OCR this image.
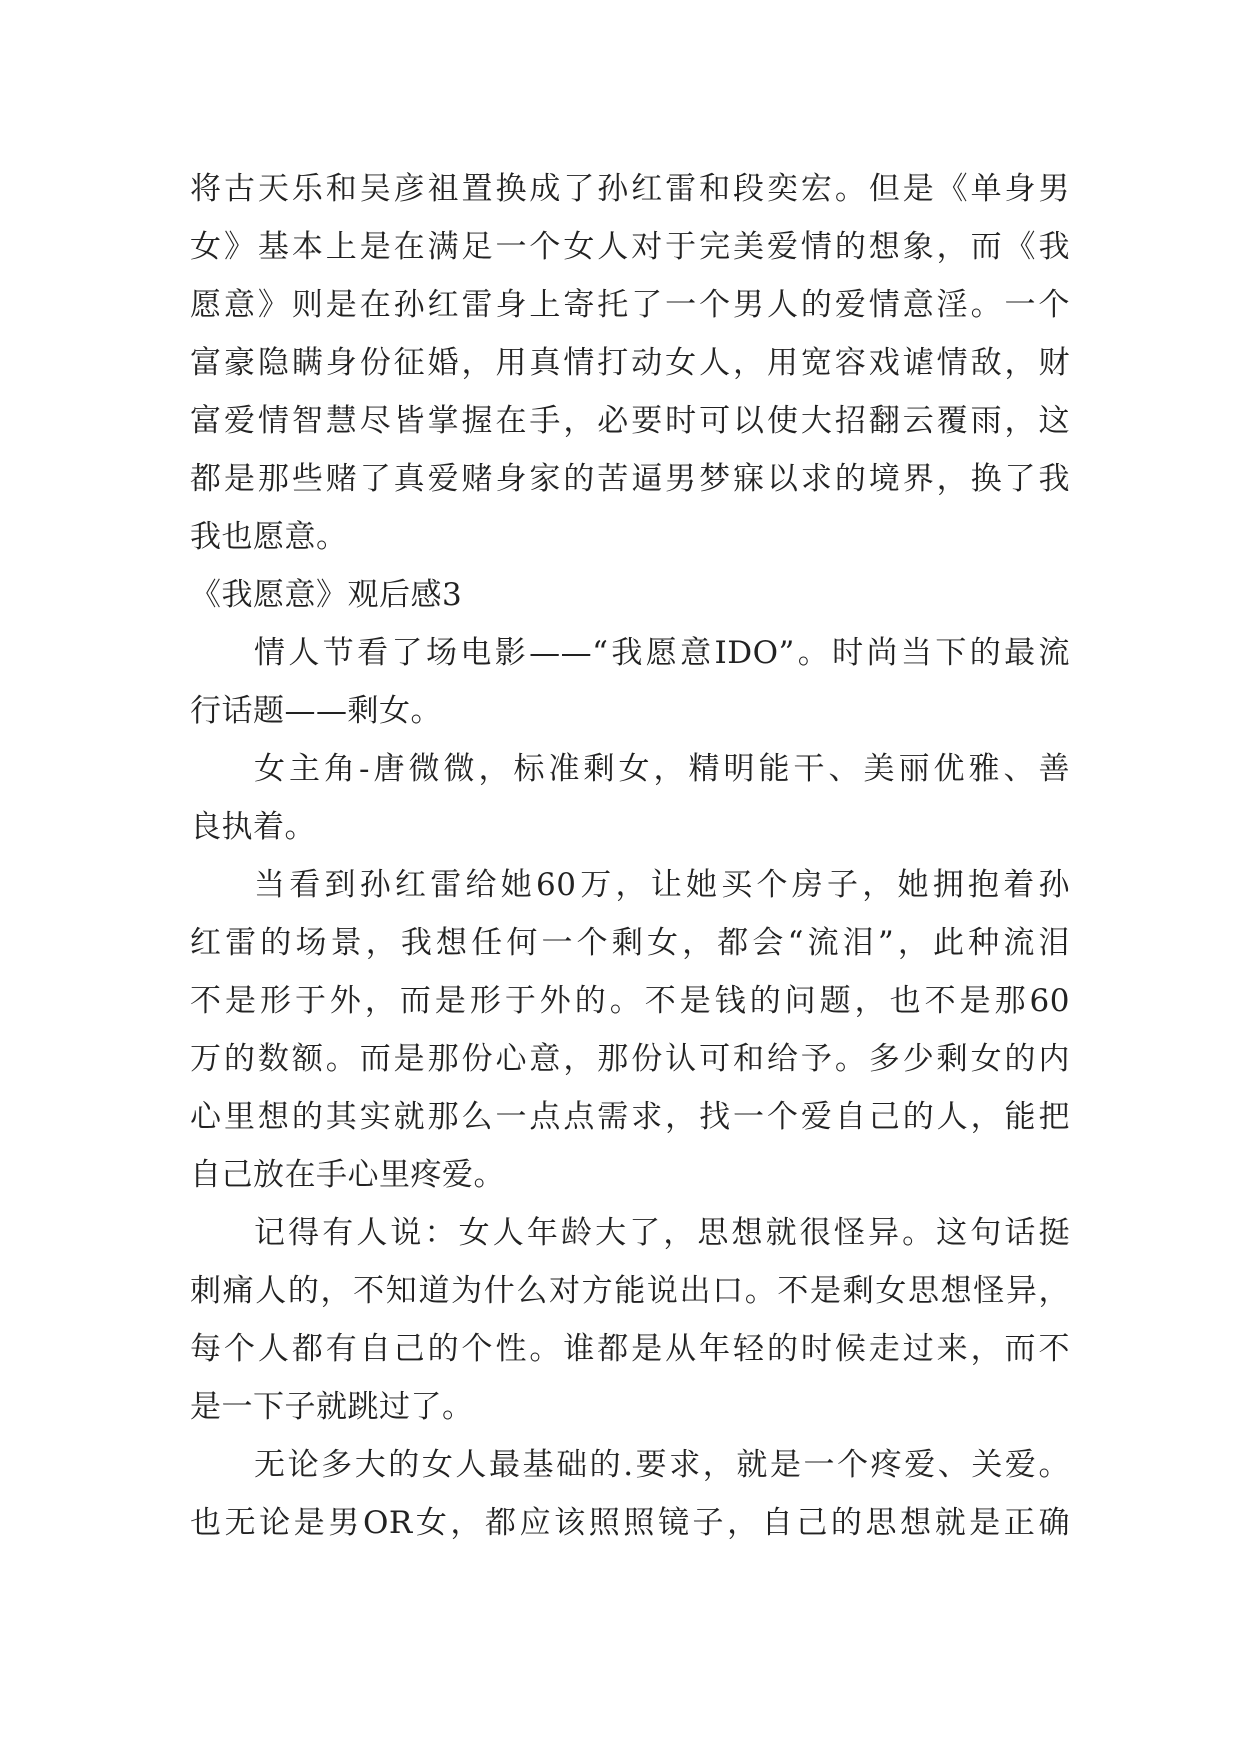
将古天乐和吴彦祖置换成了孙红雷和段奕宏。但是《单身男
女》基本上是在满足一个女人对于完美爱情的想象，而《我
愿意》则是在孙红雷身上寄托了一个男人的爱情意淫。一个
富豪隐瞒身份征婚，用真情打动女人，用宽容戏谑情敌，财
富爱情智慧尽皆掌握在手，必要时可以使大招翻云覆雨，这
都是那些赌了真爱赌身家的苦逼男梦寐以求的境界，换了我
我也愿意。
《我愿意》观后感3
情人节看了场电影——“我愿意IDO”。时尚当下的最流
行话题——剩女。
女主角-唐微微，标准剩女，精明能干、美丽优雅、善
良执着。
当看到孙红雷给她60万，让她买个房子，她拥抱着孙
红雷的场景，我想任何一个剩女，都会“流泪”，此种流泪
不是形于外，而是形于外的。不是钱的问题，也不是那60
万的数额。而是那份心意，那份认可和给予。多少剩女的内
心里想的其实就那么一点点需求，找一个爱自己的人，能把
自己放在手心里疼爱。
记得有人说：女人年龄大了，思想就很怪异。这句话挺
刺痛人的，不知道为什么对方能说出口。不是剩女思想怪异，
每个人都有自己的个性。谁都是从年轻的时候走过来，而不
是一下子就跳过了。
无论多大的女人最基础的.要求，就是一个疼爱、关爱。
也无论是男OR女，都应该照照镜子，自己的思想就是正确
